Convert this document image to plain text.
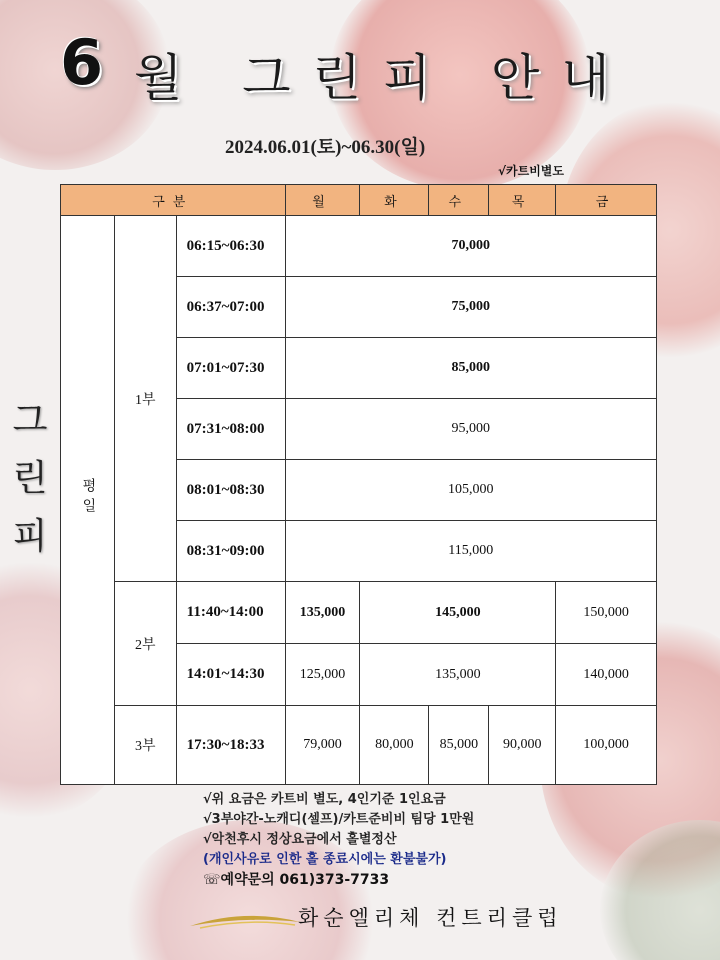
6 월 그린피 안내
2024.06.01(토)~06.30(일)
√카트비별도
그
린
피
구분			월	화	수	목	금
평일	1부	06:15~06:30	70,000				
		06:37~07:00	75,000				
		07:01~07:30	85,000				
		07:31~08:00	95,000				
		08:01~08:30	105,000				
		08:31~09:00	115,000				
	2부	11:40~14:00	135,000	145,000			150,000
		14:01~14:30	125,000	135,000			140,000
	3부	17:30~18:33	79,000	80,000	85,000	90,000	100,000
√위 요금은 카트비 별도, 4인기준 1인요금
√3부야간-노캐디(셀프)/카트준비비 팀당 1만원
√악천후시 정상요금에서 홀별정산
(개인사유로 인한 홀 종료시에는 환불불가)
☏예약문의 061)373-7733
화순엘리체 컨트리클럽
